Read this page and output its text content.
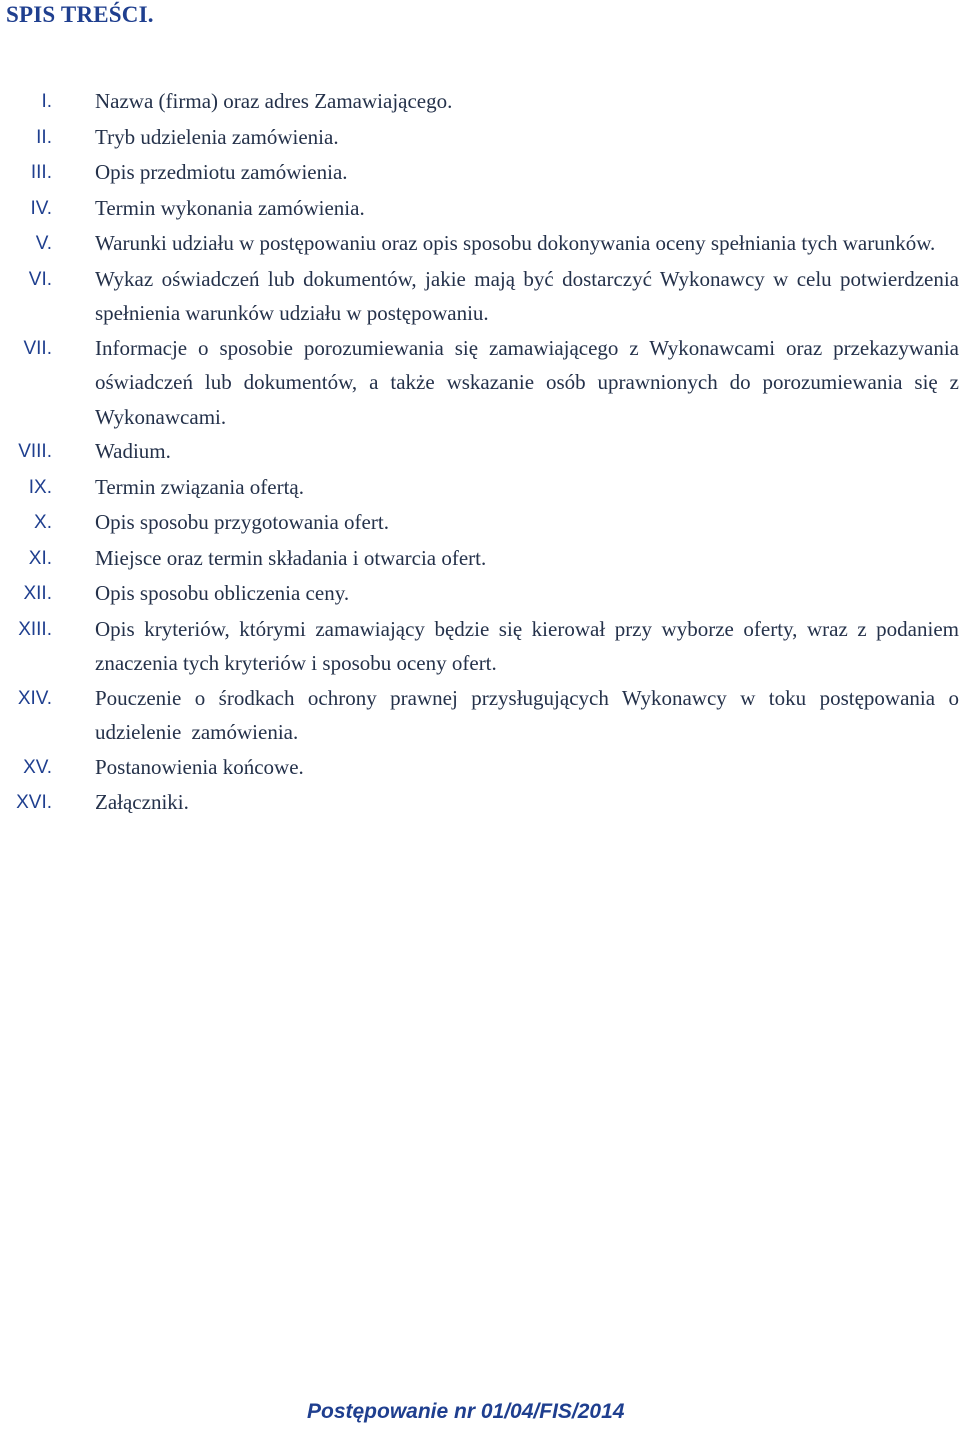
SPIS TREŚCI.
I. Nazwa (firma) oraz adres Zamawiającego.
II. Tryb udzielenia zamówienia.
III. Opis przedmiotu zamówienia.
IV. Termin wykonania zamówienia.
V. Warunki udziału w postępowaniu oraz opis sposobu dokonywania oceny spełniania tych warunków.
VI. Wykaz oświadczeń lub dokumentów, jakie mają być dostarczyć Wykonawcy w celu potwierdzenia spełnienia warunków udziału w postępowaniu.
VII. Informacje o sposobie porozumiewania się zamawiającego z Wykonawcami oraz przekazywania oświadczeń lub dokumentów, a także wskazanie osób uprawnionych do porozumiewania się z Wykonawcami.
VIII. Wadium.
IX. Termin związania ofertą.
X. Opis sposobu przygotowania ofert.
XI. Miejsce oraz termin składania i otwarcia ofert.
XII. Opis sposobu obliczenia ceny.
XIII. Opis kryteriów, którymi zamawiający będzie się kierował przy wyborze oferty, wraz z podaniem znaczenia tych kryteriów i sposobu oceny ofert.
XIV. Pouczenie o środkach ochrony prawnej przysługujących Wykonawcy w toku postępowania o udzielenie zamówienia.
XV. Postanowienia końcowe.
XVI. Załączniki.
Postępowanie nr 01/04/FIS/2014
